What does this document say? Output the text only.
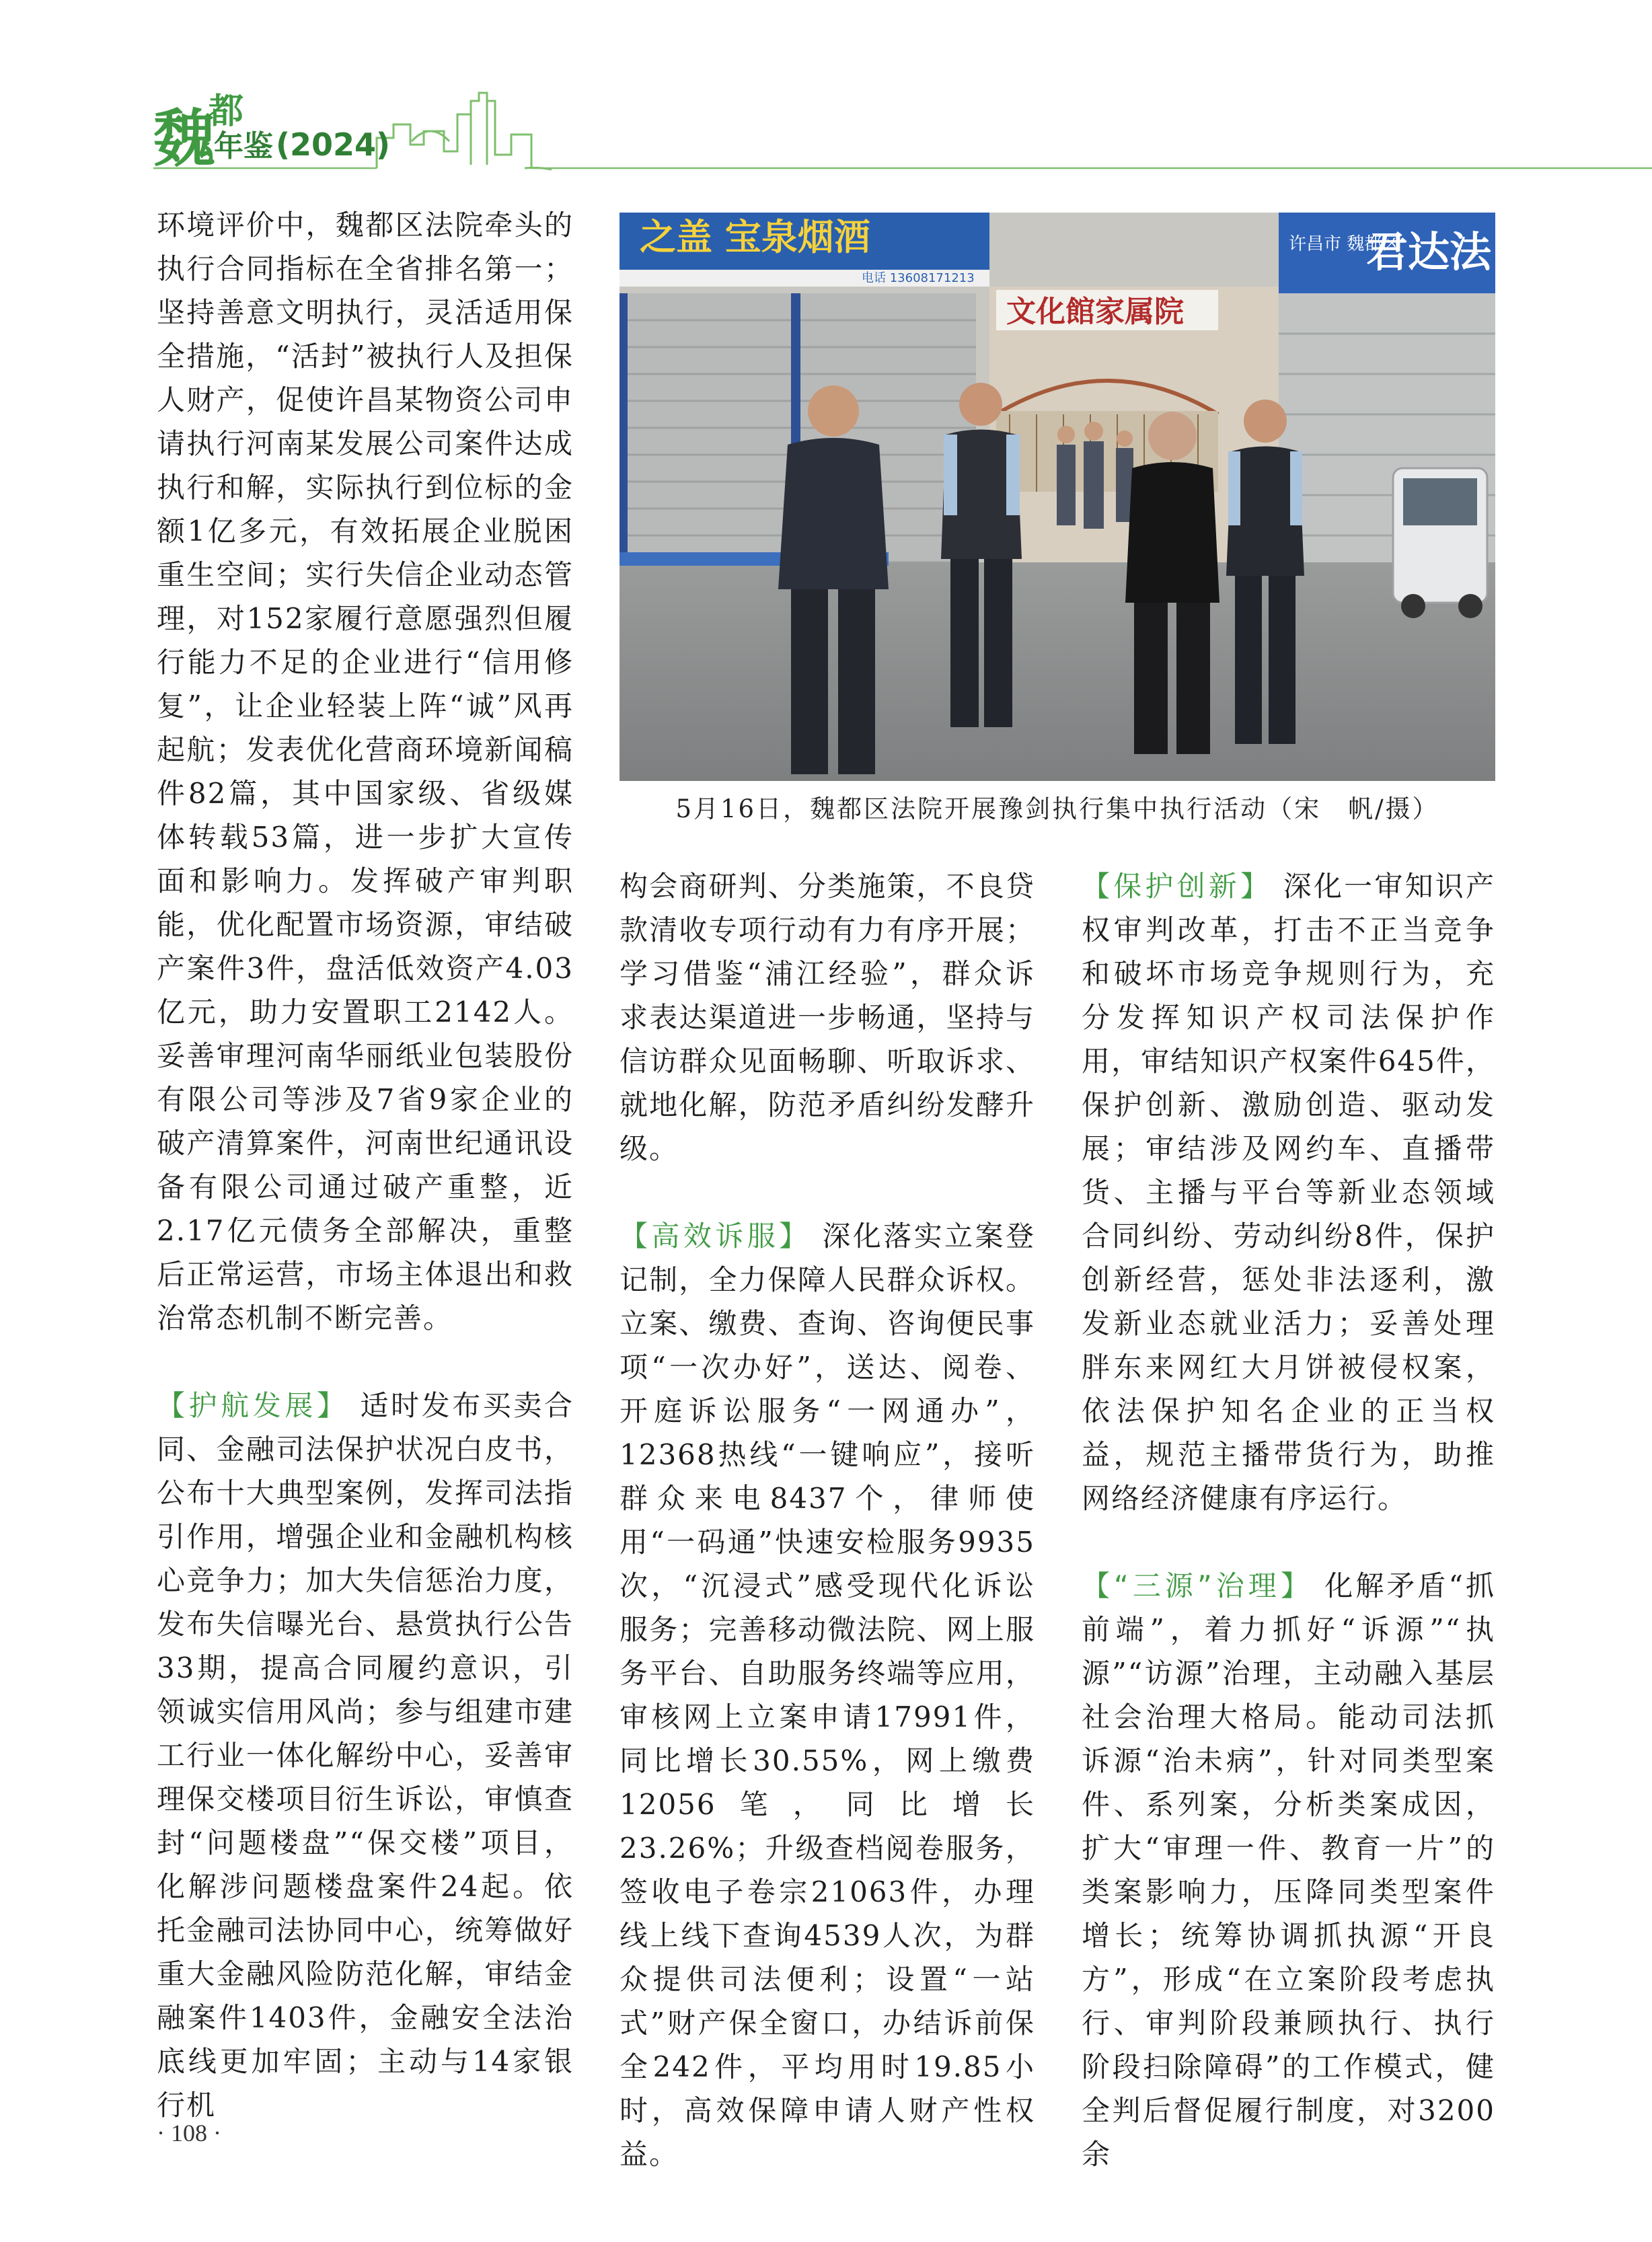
魏
都
年鉴 (2024)

环境评价中，魏都区法院牵头的执行合同指标在全省排名第一；坚持善意文明执行，灵活适用保全措施，“活封”被执行人及担保人财产，促使许昌某物资公司申请执行河南某发展公司案件达成执行和解，实际执行到位标的金额1亿多元，有效拓展企业脱困重生空间；实行失信企业动态管理，对152家履行意愿强烈但履行能力不足的企业进行“信用修复”，让企业轻装上阵“诚”风再起航；发表优化营商环境新闻稿件82篇，其中国家级、省级媒体转载53篇，进一步扩大宣传面和影响力。发挥破产审判职能，优化配置市场资源，审结破产案件3件，盘活低效资产4.03亿元，助力安置职工2142人。妥善审理河南华丽纸业包装股份有限公司等涉及7省9家企业的破产清算案件，河南世纪通讯设备有限公司通过破产重整，近2.17亿元债务全部解决，重整后正常运营，市场主体退出和救治常态机制不断完善。

【护航发展】 适时发布买卖合同、金融司法保护状况白皮书，公布十大典型案例，发挥司法指引作用，增强企业和金融机构核心竞争力；加大失信惩治力度，发布失信曝光台、悬赏执行公告33期，提高合同履约意识，引领诚实信用风尚；参与组建市建工行业一体化解纷中心，妥善审理保交楼项目衍生诉讼，审慎查封“问题楼盘”“保交楼”项目，化解涉问题楼盘案件24起。依托金融司法协同中心，统筹做好重大金融风险防范化解，审结金融案件1403件，金融安全法治底线更加牢固；主动与14家银行机

之盖 宝泉烟酒
电话 13608171213
许昌市 魏都区
君达法
文化館家属院
5月16日，魏都区法院开展豫剑执行集中执行活动（宋　帆/摄）

构会商研判、分类施策，不良贷款清收专项行动有力有序开展；学习借鉴“浦江经验”，群众诉求表达渠道进一步畅通，坚持与信访群众见面畅聊、听取诉求、就地化解，防范矛盾纠纷发酵升级。

【高效诉服】 深化落实立案登记制，全力保障人民群众诉权。立案、缴费、查询、咨询便民事项“一次办好”，送达、阅卷、开庭诉讼服务“一网通办”，12368热线“一键响应”，接听群众来电8437个，律师使用“一码通”快速安检服务9935次，“沉浸式”感受现代化诉讼服务；完善移动微法院、网上服务平台、自助服务终端等应用，审核网上立案申请17991件，同比增长30.55%，网上缴费12056笔，同比增长23.26%；升级查档阅卷服务，签收电子卷宗21063件，办理线上线下查询4539人次，为群众提供司法便利；设置“一站式”财产保全窗口，办结诉前保全242件，平均用时19.85小时，高效保障申请人财产性权益。

【保护创新】 深化一审知识产权审判改革，打击不正当竞争和破坏市场竞争规则行为，充分发挥知识产权司法保护作用，审结知识产权案件645件，保护创新、激励创造、驱动发展；审结涉及网约车、直播带货、主播与平台等新业态领域合同纠纷、劳动纠纷8件，保护创新经营，惩处非法逐利，激发新业态就业活力；妥善处理胖东来网红大月饼被侵权案，依法保护知名企业的正当权益，规范主播带货行为，助推网络经济健康有序运行。

【“三源”治理】 化解矛盾“抓前端”，着力抓好“诉源”“执源”“访源”治理，主动融入基层社会治理大格局。能动司法抓诉源“治未病”，针对同类型案件、系列案，分析类案成因，扩大“审理一件、教育一片”的类案影响力，压降同类型案件增长；统筹协调抓执源“开良方”，形成“在立案阶段考虑执行、审判阶段兼顾执行、执行阶段扫除障碍”的工作模式，健全判后督促履行制度，对3200余

· 108 ·
